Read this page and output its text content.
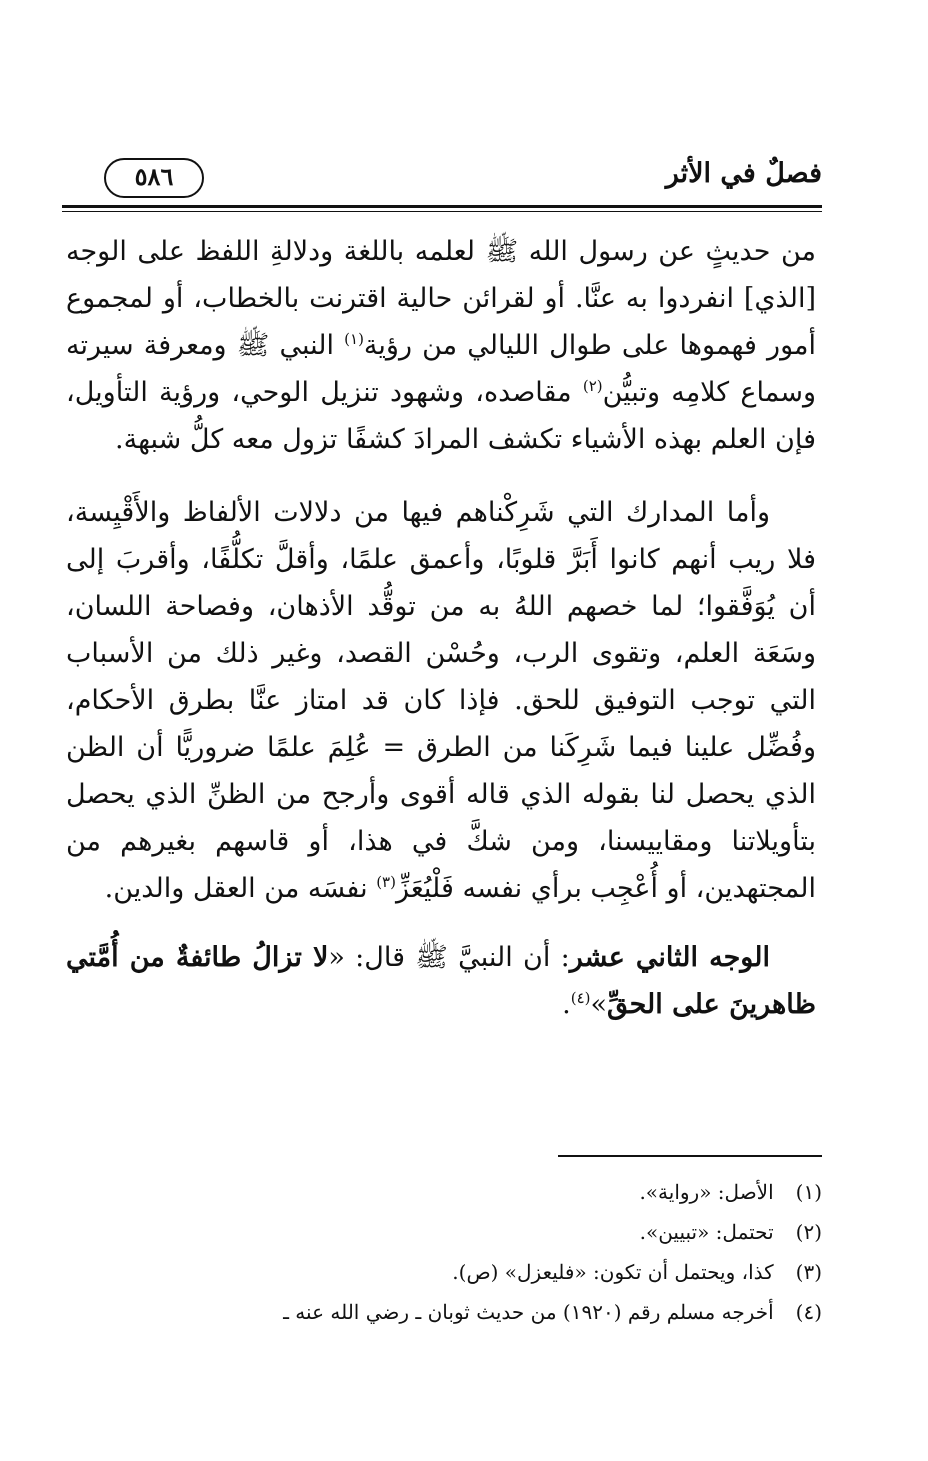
فصلٌ في الأثر
٥٨٦

من حديثٍ عن رسول الله ﷺ لعلمه باللغة ودلالةِ اللفظ على الوجه [الذي] انفردوا به عنَّا. أو لقرائن حالية اقترنت بالخطاب، أو لمجموع أمور فهموها على طوال الليالي من رؤية$^{(١)}$ النبي ﷺ ومعرفة سيرته وسماع كلامِه وتبيُّن$^{(٢)}$ مقاصده، وشهود تنزيل الوحي، ورؤية التأويل، فإن العلم بهذه الأشياء تكشف المرادَ كشفًا تزول معه كلُّ شبهة.

وأما المدارك التي شَرِكْناهم فيها من دلالات الألفاظ والأَقْيِسة، فلا ريب أنهم كانوا أَبَرَّ قلوبًا، وأعمق علمًا، وأقلَّ تكلُّفًا، وأقربَ إلى أن يُوَفَّقوا؛ لما خصهم اللهُ به من توقُّد الأذهان، وفصاحة اللسان، وسَعَة العلم، وتقوى الرب، وحُسْن القصد، وغير ذلك من الأسباب التي توجب التوفيق للحق. فإذا كان قد امتاز عنَّا بطرق الأحكام، وفُضِّل علينا فيما شَرِكَنا من الطرق = عُلِمَ علمًا ضروريًّا أن الظن الذي يحصل لنا بقوله الذي قاله أقوى وأرجح من الظنِّ الذي يحصل بتأويلاتنا ومقاييسنا، ومن شكَّ في هذا، أو قاسهم بغيرهم من المجتهدين، أو أُعْجِب برأي نفسه فَلْيُعَزِّ$^{(٣)}$ نفسَه من العقل والدين.

الوجه الثاني عشر: أن النبيَّ ﷺ قال: «لا تزالُ طائفةٌ من أُمَّتي ظاهرينَ على الحقِّ»$^{(٤)}$.

(١) الأصل: «رواية».
(٢) تحتمل: «تبيين».
(٣) كذا، ويحتمل أن تكون: «فليعزل» (ص).
(٤) أخرجه مسلم رقم (١٩٢٠) من حديث ثوبان ـ رضي الله عنه ـ
